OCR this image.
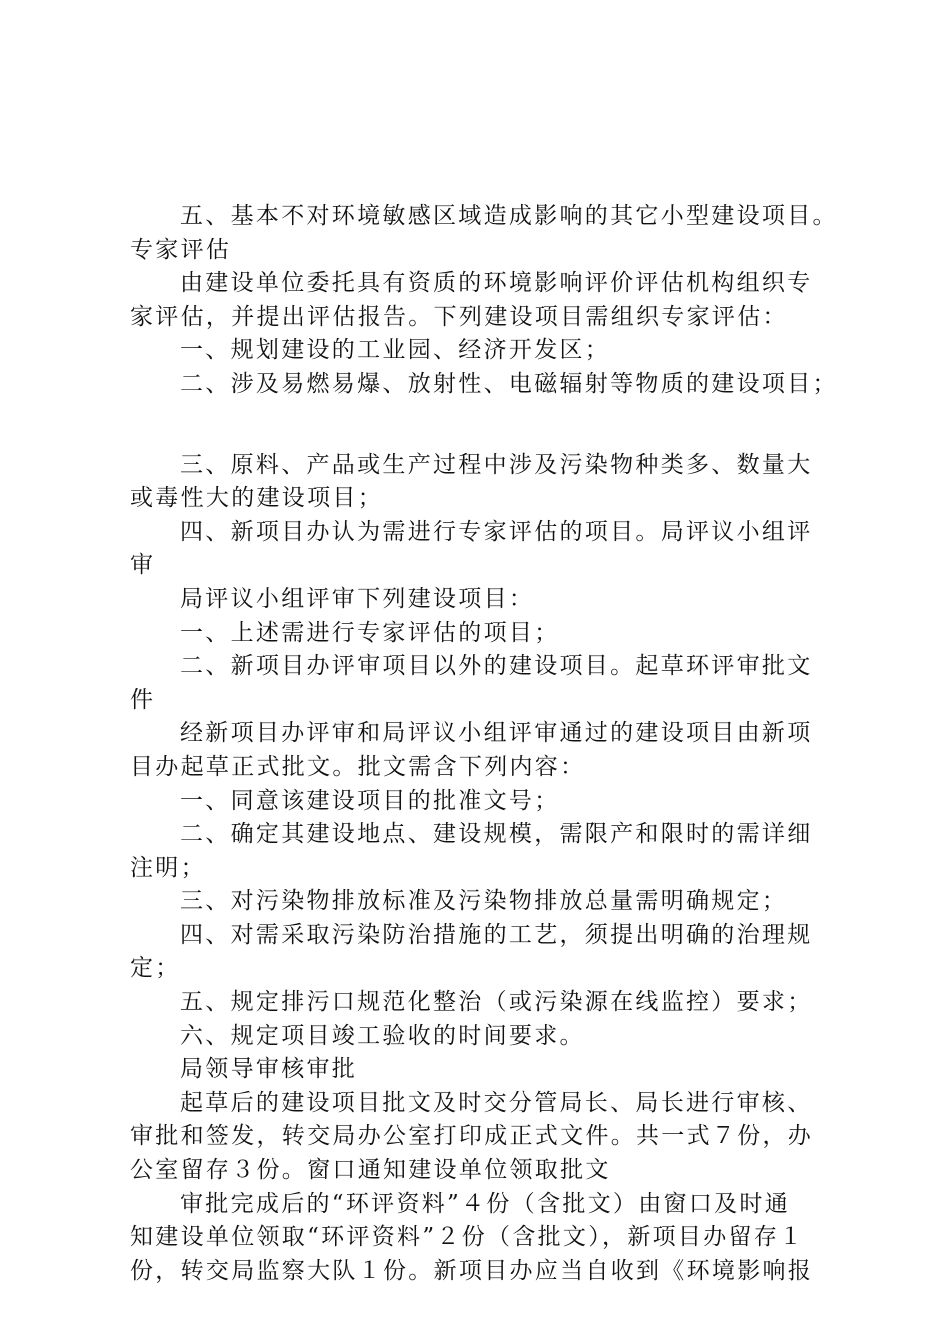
五、基本不对环境敏感区域造成影响的其它小型建设项目。
专家评估
由建设单位委托具有资质的环境影响评价评估机构组织专
家评估，并提出评估报告。下列建设项目需组织专家评估：
一、规划建设的工业园、经济开发区；
二、涉及易燃易爆、放射性、电磁辐射等物质的建设项目；
三、原料、产品或生产过程中涉及污染物种类多、数量大
或毒性大的建设项目；
四、新项目办认为需进行专家评估的项目。局评议小组评
审
局评议小组评审下列建设项目：
一、上述需进行专家评估的项目；
二、新项目办评审项目以外的建设项目。起草环评审批文
件
经新项目办评审和局评议小组评审通过的建设项目由新项
目办起草正式批文。批文需含下列内容：
一、同意该建设项目的批准文号；
二、确定其建设地点、建设规模，需限产和限时的需详细
注明；
三、对污染物排放标准及污染物排放总量需明确规定；
四、对需采取污染防治措施的工艺，须提出明确的治理规
定；
五、规定排污口规范化整治（或污染源在线监控）要求；
六、规定项目竣工验收的时间要求。
局领导审核审批
起草后的建设项目批文及时交分管局长、局长进行审核、
审批和签发，转交局办公室打印成正式文件。共一式７份，办
公室留存３份。窗口通知建设单位领取批文
审批完成后的“环评资料”４份（含批文）由窗口及时通
知建设单位领取“环评资料”２份（含批文），新项目办留存１
份，转交局监察大队１份。新项目办应当自收到《环境影响报
